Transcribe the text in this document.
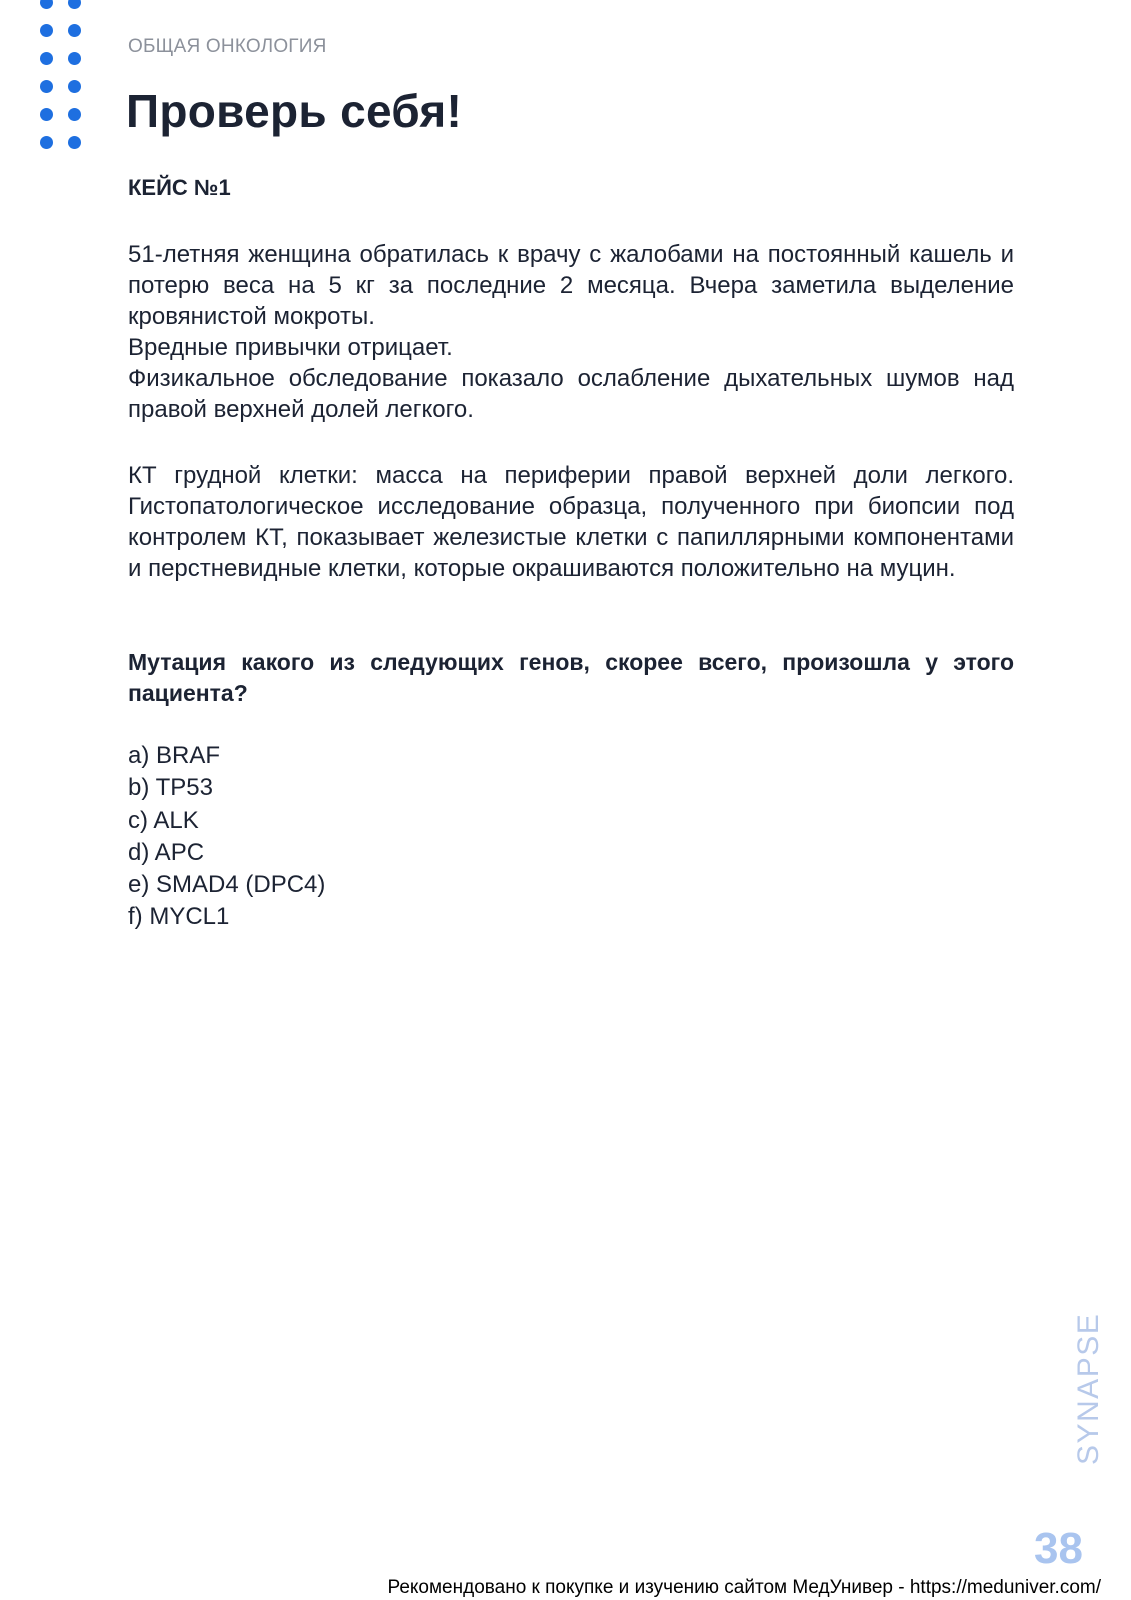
ОБЩАЯ ОНКОЛОГИЯ
Проверь себя!
КЕЙС №1

51-летняя женщина обратилась к врачу с жалобами на постоянный кашель и потерю веса на 5 кг за последние 2 месяца. Вчера заметила выделение кровянистой мокроты.

Вредные привычки отрицает.

Физикальное обследование показало ослабление дыхательных шумов над правой верхней долей легкого.

КТ грудной клетки: масса на периферии правой верхней доли легкого. Гистопатологическое исследование образца, полученного при биопсии под контролем КТ, показывает железистые клетки с папиллярными компонентами и перстневидные клетки, которые окрашиваются положительно на муцин.

Мутация какого из следующих генов, скорее всего, произошла у этого пациента?
a) BRAF
b) TP53
c) ALK
d) APC
e) SMAD4 (DPC4)
f) MYCL1
SYNAPSE
38
Рекомендовано к покупке и изучению сайтом МедУнивер - https://meduniver.com/
